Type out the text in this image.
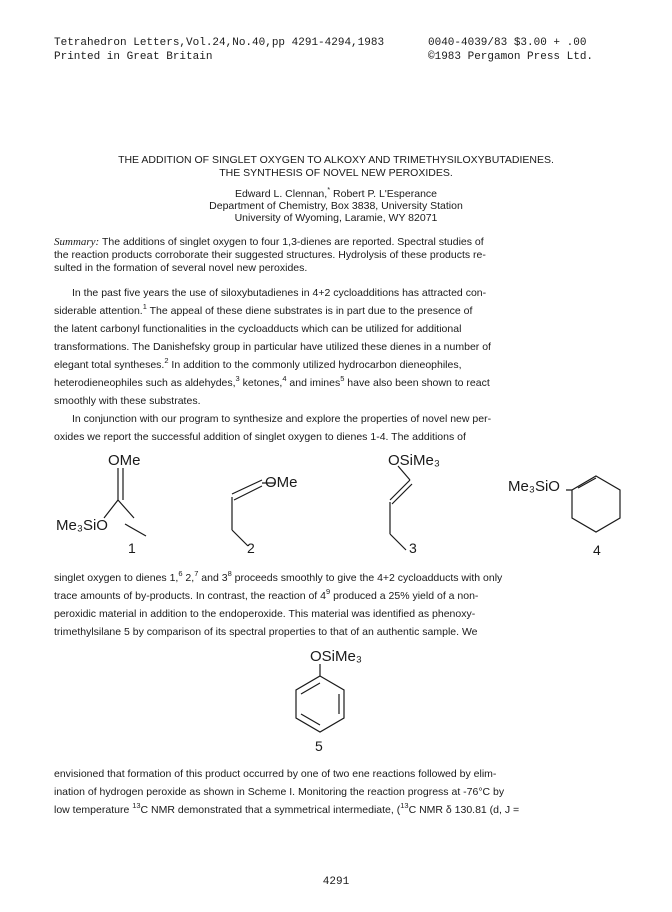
Tetrahedron Letters,Vol.24,No.40,pp 4291-4294,1983
Printed in Great Britain
0040-4039/83 $3.00 + .00
©1983 Pergamon Press Ltd.
THE ADDITION OF SINGLET OXYGEN TO ALKOXY AND TRIMETHYSILOXYBUTADIENES.
THE SYNTHESIS OF NOVEL NEW PEROXIDES.
Edward L. Clennan,* Robert P. L'Esperance
Department of Chemistry, Box 3838, University Station
University of Wyoming, Laramie, WY 82071
Summary: The additions of singlet oxygen to four 1,3-dienes are reported. Spectral studies of
the reaction products corroborate their suggested structures. Hydrolysis of these products re-
sulted in the formation of several novel new peroxides.
In the past five years the use of siloxybutadienes in 4+2 cycloadditions has attracted con-
siderable attention.$^1$ The appeal of these diene substrates is in part due to the presence of
the latent carbonyl functionalities in the cycloadducts which can be utilized for additional
transformations. The Danishefsky group in particular have utilized these dienes in a number of
elegant total syntheses.$^2$ In addition to the commonly utilized hydrocarbon dieneophiles,
heterodieneophiles such as aldehydes,$^3$ ketones,$^4$ and imines$^5$ have also been shown to react
smoothly with these substrates.
In conjunction with our program to synthesize and explore the properties of novel new per-
oxides we report the successful addition of singlet oxygen to dienes 1-4. The additions of
OMe
Me₃SiO
1
OMe
2
OSiMe₃
3
Me₃SiO
4
singlet oxygen to dienes 1,$^6$ 2,$^7$ and $3^8$ proceeds smoothly to give the 4+2 cycloadducts with only
trace amounts of by-products. In contrast, the reaction of $4^9$ produced a 25% yield of a non-
peroxidic material in addition to the endoperoxide. This material was identified as phenoxy-
trimethylsilane 5 by comparison of its spectral properties to that of an authentic sample. We
OSiMe₃
5
envisioned that formation of this product occurred by one of two ene reactions followed by elim-
ination of hydrogen peroxide as shown in Scheme I. Monitoring the reaction progress at -76°C by
low temperature $^{13}$C NMR demonstrated that a symmetrical intermediate, ($^{13}$C NMR δ 130.81 (d, J =
4291
